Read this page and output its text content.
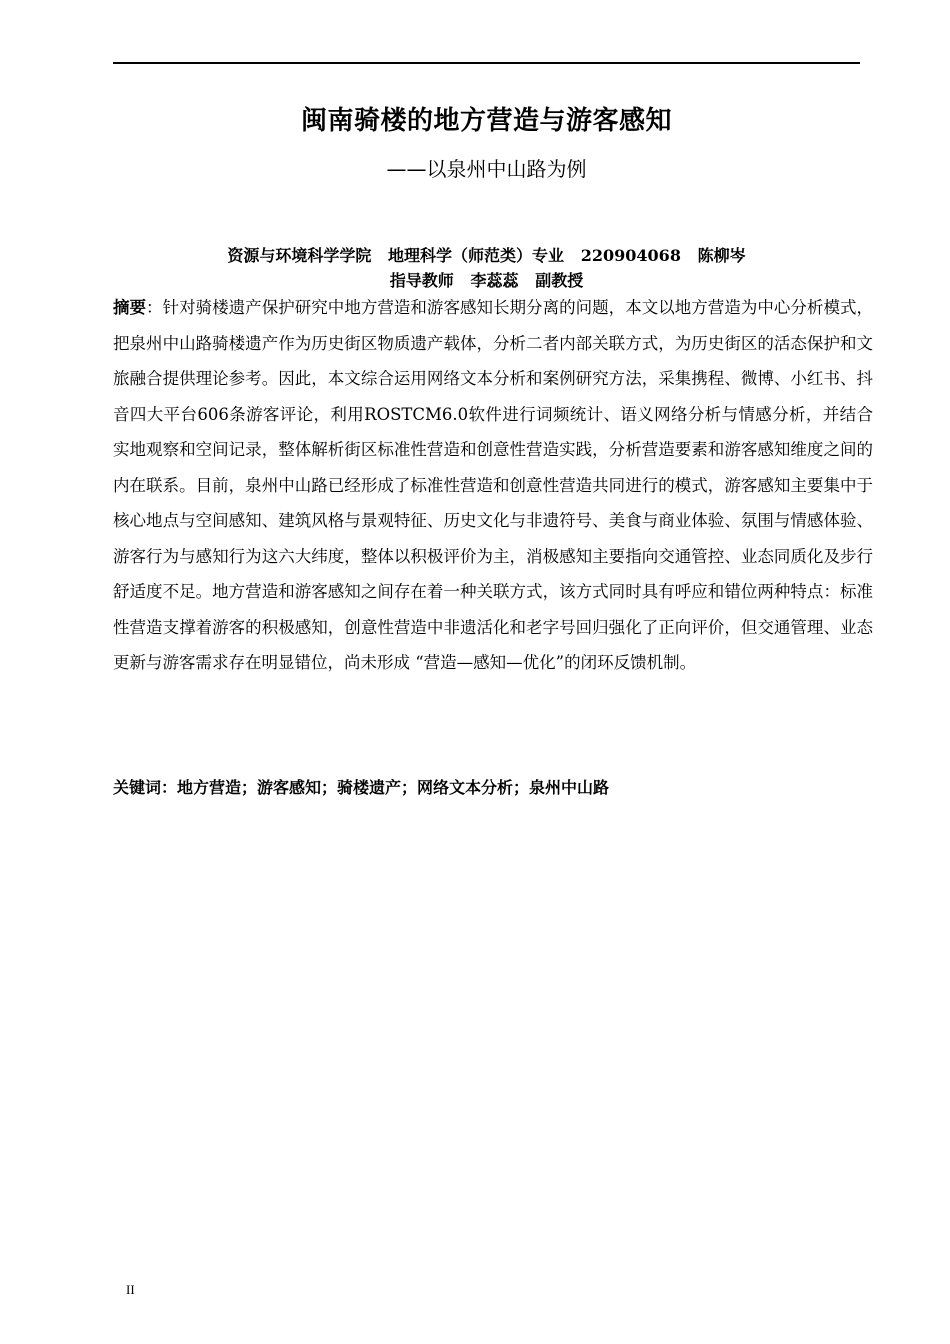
闽南骑楼的地方营造与游客感知
——以泉州中山路为例
资源与环境科学学院   地理科学（师范类）专业   220904068   陈柳岑
指导教师   李蕊蕊   副教授

摘要：针对骑楼遗产保护研究中地方营造和游客感知长期分离的问题，本文以地方营造为中心分析模式，把泉州中山路骑楼遗产作为历史街区物质遗产载体，分析二者内部关联方式，为历史街区的活态保护和文旅融合提供理论参考。因此，本文综合运用网络文本分析和案例研究方法，采集携程、微博、小红书、抖音四大平台606条游客评论，利用ROSTCM6.0软件进行词频统计、语义网络分析与情感分析，并结合实地观察和空间记录，整体解析街区标准性营造和创意性营造实践，分析营造要素和游客感知维度之间的内在联系。目前，泉州中山路已经形成了标准性营造和创意性营造共同进行的模式，游客感知主要集中于核心地点与空间感知、建筑风格与景观特征、历史文化与非遗符号、美食与商业体验、氛围与情感体验、游客行为与感知行为这六大纬度，整体以积极评价为主，消极感知主要指向交通管控、业态同质化及步行舒适度不足。地方营造和游客感知之间存在着一种关联方式，该方式同时具有呼应和错位两种特点：标准性营造支撑着游客的积极感知，创意性营造中非遗活化和老字号回归强化了正向评价，但交通管理、业态更新与游客需求存在明显错位，尚未形成 “营造—感知—优化”的闭环反馈机制。

关键词：地方营造；游客感知；骑楼遗产；网络文本分析；泉州中山路
II
